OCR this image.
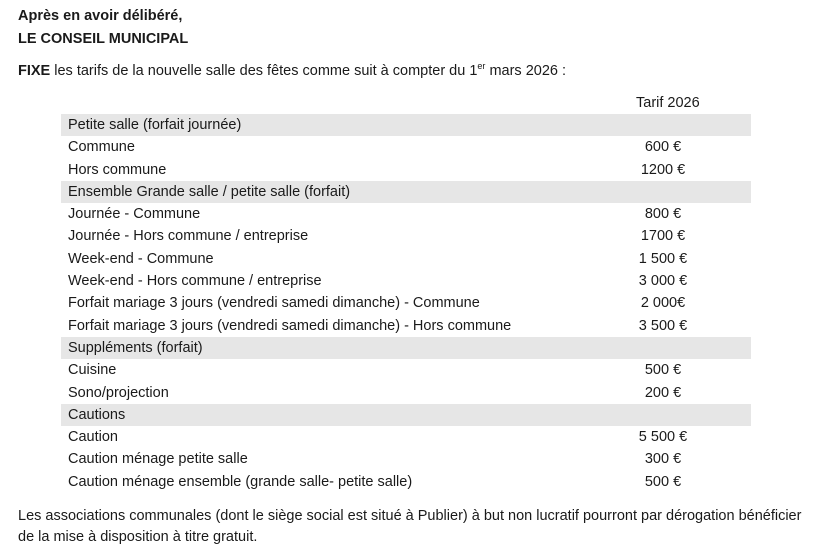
Après en avoir délibéré,
LE CONSEIL MUNICIPAL
FIXE les tarifs de la nouvelle salle des fêtes comme suit à compter du 1er mars 2026 :
Tarif 2026
Petite salle (forfait journée)
Commune	600 €
Hors commune	1200 €
Ensemble Grande salle / petite salle (forfait)
Journée - Commune	800 €
Journée - Hors commune / entreprise	1700 €
Week-end - Commune	1 500 €
Week-end - Hors commune / entreprise	3 000 €
Forfait mariage 3 jours (vendredi samedi dimanche) - Commune	2 000€
Forfait mariage 3 jours (vendredi samedi dimanche) - Hors commune	3 500 €
Suppléments (forfait)
Cuisine	500 €
Sono/projection	200 €
Cautions
Caution	5 500 €
Caution ménage petite salle	300 €
Caution ménage ensemble (grande salle- petite salle)	500 €
Les associations communales (dont le siège social est situé à Publier) à but non lucratif pourront par dérogation bénéficier de la mise à disposition à titre gratuit.
